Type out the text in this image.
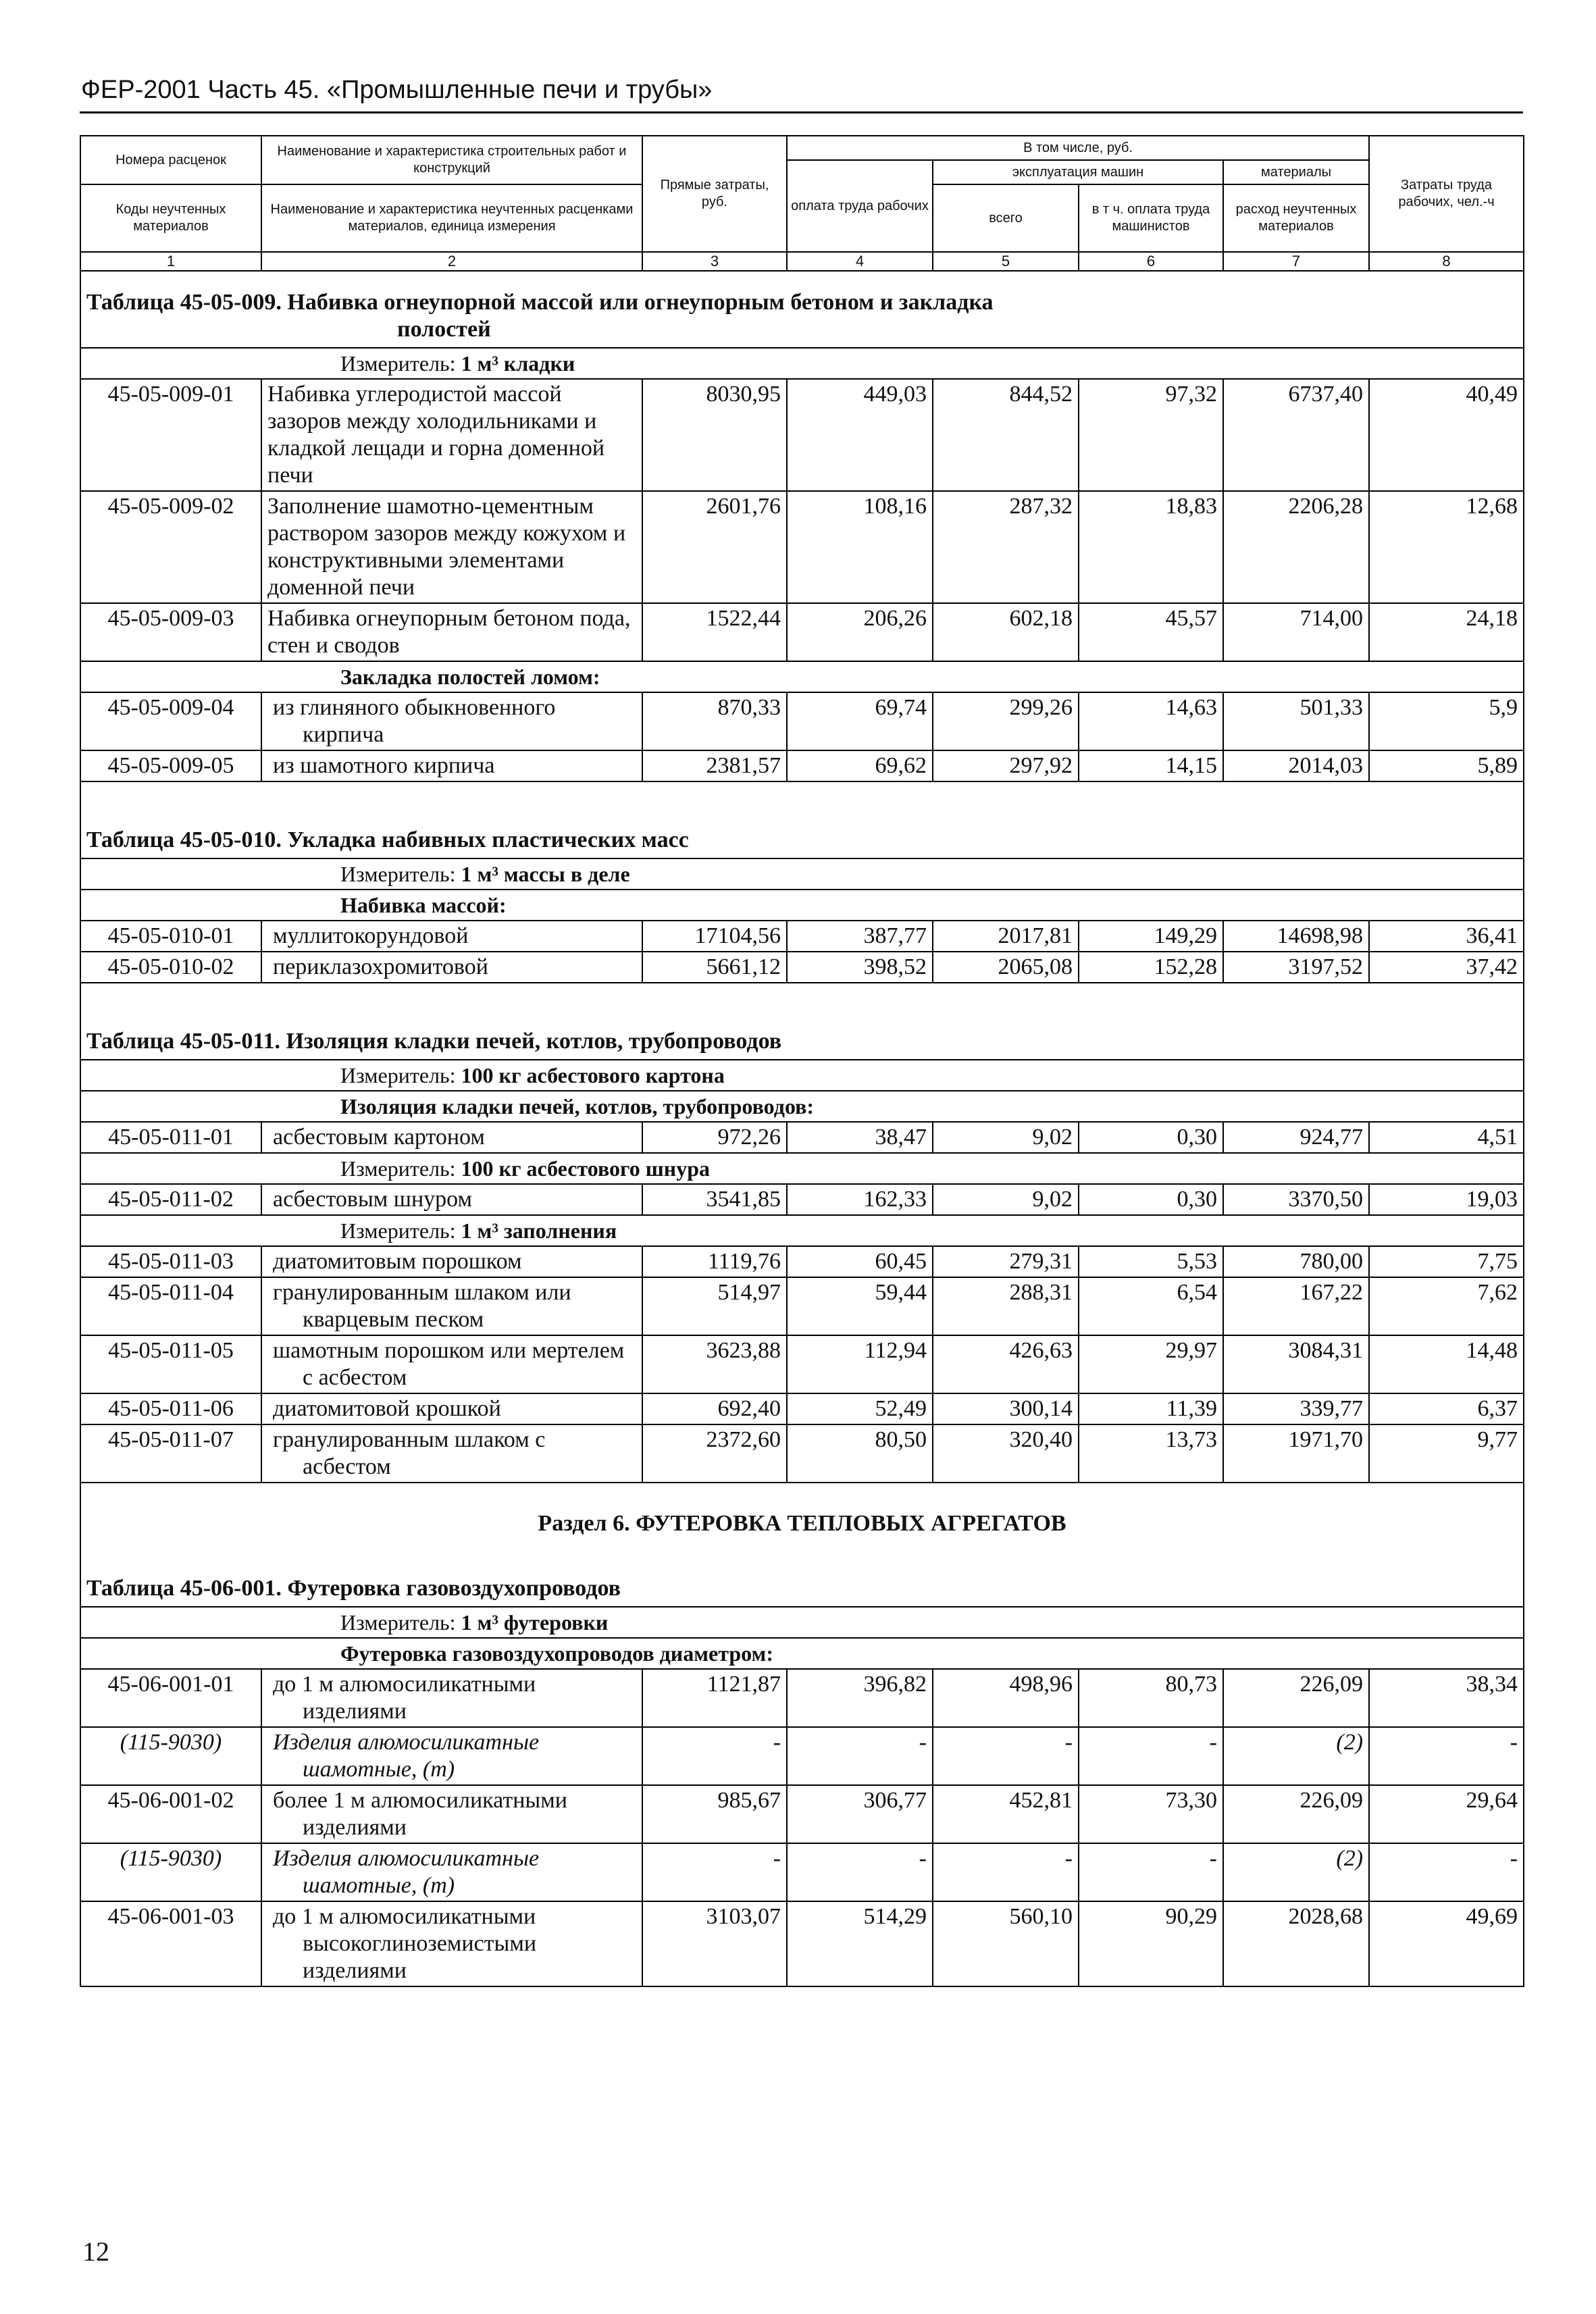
ФЕР-2001 Часть 45. «Промышленные печи и трубы»
Номера расценок	Наименование и характеристика строительных работ и конструкций	Прямые затраты, руб.	В том числе, руб.				Затраты труда рабочих, чел.-ч
			оплата труда рабочих	эксплуатация машин		материалы	
Коды неучтенных материалов	Наименование и характеристика неучтенных расценками материалов, единица измерения			всего	в т ч. оплата труда машинистов	расход неучтенных материалов	

1	2	3	4	5	6	7	8
Таблица 45-05-009. Набивка огнеупорной массой или огнеупорным бетоном и закладка
полостей							
Измеритель: 1 м³ кладки							
45-05-009-01	Набивка углеродистой массой зазоров между холодильниками и кладкой лещади и горна доменной печи	8030,95	449,03	844,52	97,32	6737,40	40,49
45-05-009-02	Заполнение шамотно-цементным раствором зазоров между кожухом и конструктивными элементами доменной печи	2601,76	108,16	287,32	18,83	2206,28	12,68
45-05-009-03	Набивка огнеупорным бетоном пода, стен и сводов	1522,44	206,26	602,18	45,57	714,00	24,18
Закладка полостей ломом:							
45-05-009-04	из глиняного обыкновенного кирпича	870,33	69,74	299,26	14,63	501,33	5,9
45-05-009-05	из шамотного кирпича	2381,57	69,62	297,92	14,15	2014,03	5,89

Таблица 45-05-010. Укладка набивных пластических масс							
Измеритель: 1 м³ массы в деле							
Набивка массой:							
45-05-010-01	муллитокорундовой	17104,56	387,77	2017,81	149,29	14698,98	36,41
45-05-010-02	периклазохромитовой	5661,12	398,52	2065,08	152,28	3197,52	37,42

Таблица 45-05-011. Изоляция кладки печей, котлов, трубопроводов							
Измеритель: 100 кг асбестового картона							
Изоляция кладки печей, котлов, трубопроводов:							
45-05-011-01	асбестовым картоном	972,26	38,47	9,02	0,30	924,77	4,51
Измеритель: 100 кг асбестового шнура							
45-05-011-02	асбестовым шнуром	3541,85	162,33	9,02	0,30	3370,50	19,03
Измеритель: 1 м³ заполнения							
45-05-011-03	диатомитовым порошком	1119,76	60,45	279,31	5,53	780,00	7,75
45-05-011-04	гранулированным шлаком или кварцевым песком	514,97	59,44	288,31	6,54	167,22	7,62
45-05-011-05	шамотным порошком или мертелем с асбестом	3623,88	112,94	426,63	29,97	3084,31	14,48
45-05-011-06	диатомитовой крошкой	692,40	52,49	300,14	11,39	339,77	6,37
45-05-011-07	гранулированным шлаком с асбестом	2372,60	80,50	320,40	13,73	1971,70	9,77
Раздел 6. ФУТЕРОВКА ТЕПЛОВЫХ АГРЕГАТОВ							
Таблица 45-06-001. Футеровка газовоздухопроводов							
Измеритель: 1 м³ футеровки							
Футеровка газовоздухопроводов диаметром:							
45-06-001-01	до 1 м алюмосиликатными изделиями	1121,87	396,82	498,96	80,73	226,09	38,34
(115-9030)	Изделия алюмосиликатные шамотные, (т)	-	-	-	-	(2)	-
45-06-001-02	более 1 м алюмосиликатными изделиями	985,67	306,77	452,81	73,30	226,09	29,64
(115-9030)	Изделия алюмосиликатные шамотные, (т)	-	-	-	-	(2)	-
45-06-001-03	до 1 м алюмосиликатными высокоглиноземистыми изделиями	3103,07	514,29	560,10	90,29	2028,68	49,69
12
